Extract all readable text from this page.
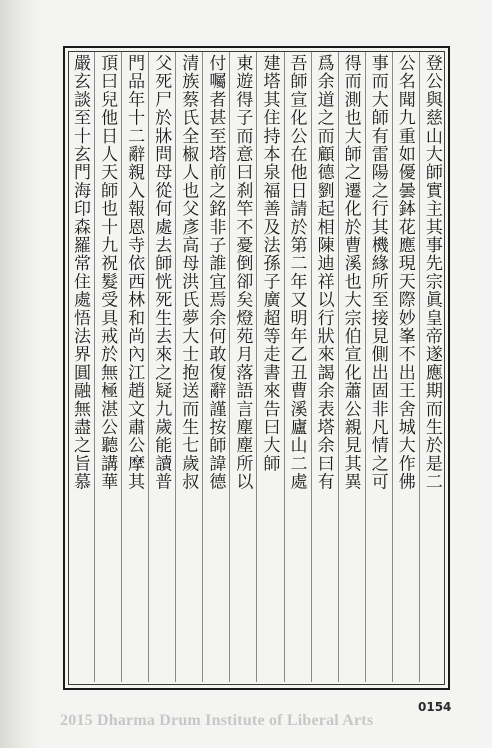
登公與慈山大師實主其事先宗眞皇帝遂應期而生於是二
公名聞九重如優曇鉢花應現天際妙峯不出王舍城大作佛
事而大師有雷陽之行其機緣所至接見側出固非凡情之可
得而測也大師之遷化於曹溪也大宗伯宣化蕭公親見其異
爲余道之而顧德劉起相陳迪祥以行狀來謁余表塔余曰有
吾師宣化公在他日請於第二年又明年乙丑曹溪廬山二處
建塔其住持本泉福善及法孫子廣超等走書來告曰大師
東遊得子而意曰刹竿不憂倒卻矣燈苑月落語言塵塵所以
付囑者甚至塔前之銘非子誰宜焉余何敢復辭謹按師諱德
清族蔡氏全椒人也父彥高母洪氏夢大士抱送而生七歲叔
父死尸於牀問母從何處去師恍死生去來之疑九歲能讀普
門品年十二辭親入報恩寺依西林和尚內江趙文肅公摩其
頂曰兒他日人天師也十九祝髮受具戒於無極湛公聽講華
嚴玄談至十玄門海印森羅常住處悟法界圓融無盡之旨慕
0154
2015 Dharma Drum Institute of Liberal Arts
